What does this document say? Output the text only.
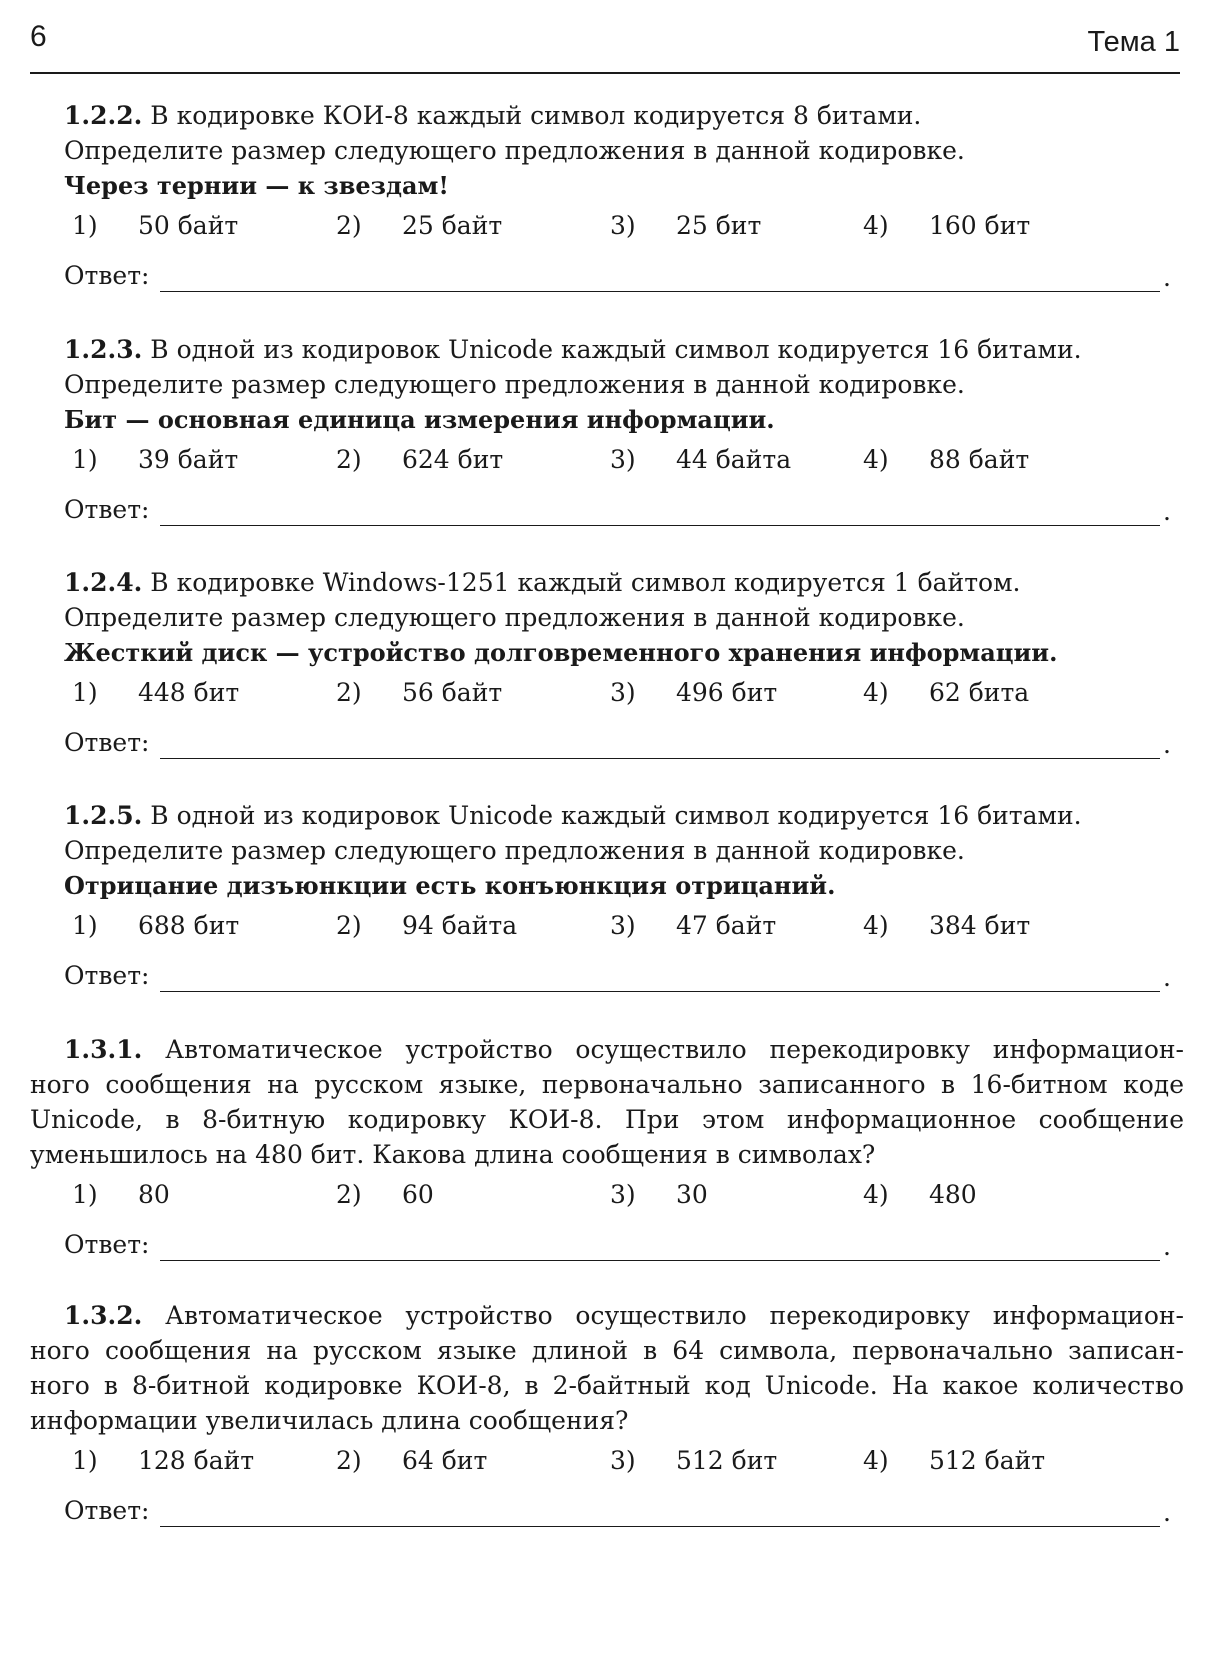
6	Тема 1
1.2.2. В кодировке КОИ-8 каждый символ кодируется 8 битами.
Определите размер следующего предложения в данной кодировке.
Через тернии — к звездам!
1) 50 байт	2) 25 байт	3) 25 бит	4) 160 бит
Ответ:	.
1.2.3. В одной из кодировок Unicode каждый символ кодируется 16 битами.
Определите размер следующего предложения в данной кодировке.
Бит — основная единица измерения информации.
1) 39 байт	2) 624 бит	3) 44 байта	4) 88 байт
Ответ:	.
1.2.4. В кодировке Windows-1251 каждый символ кодируется 1 байтом.
Определите размер следующего предложения в данной кодировке.
Жесткий диск — устройство долговременного хранения информации.
1) 448 бит	2) 56 байт	3) 496 бит	4) 62 бита
Ответ:	.
1.2.5. В одной из кодировок Unicode каждый символ кодируется 16 битами.
Определите размер следующего предложения в данной кодировке.
Отрицание дизъюнкции есть конъюнкция отрицаний.
1) 688 бит	2) 94 байта	3) 47 байт	4) 384 бит
Ответ:	.
1.3.1. Автоматическое устройство осуществило перекодировку информацион-
ного сообщения на русском языке, первоначально записанного в 16-битном коде
Unicode, в 8-битную кодировку КОИ-8. При этом информационное сообщение
уменьшилось на 480 бит. Какова длина сообщения в символах?
1) 80	2) 60	3) 30	4) 480
Ответ:	.
1.3.2. Автоматическое устройство осуществило перекодировку информацион-
ного сообщения на русском языке длиной в 64 символа, первоначально записан-
ного в 8-битной кодировке КОИ-8, в 2-байтный код Unicode. На какое количество
информации увеличилась длина сообщения?
1) 128 байт	2) 64 бит	3) 512 бит	4) 512 байт
Ответ:	.
